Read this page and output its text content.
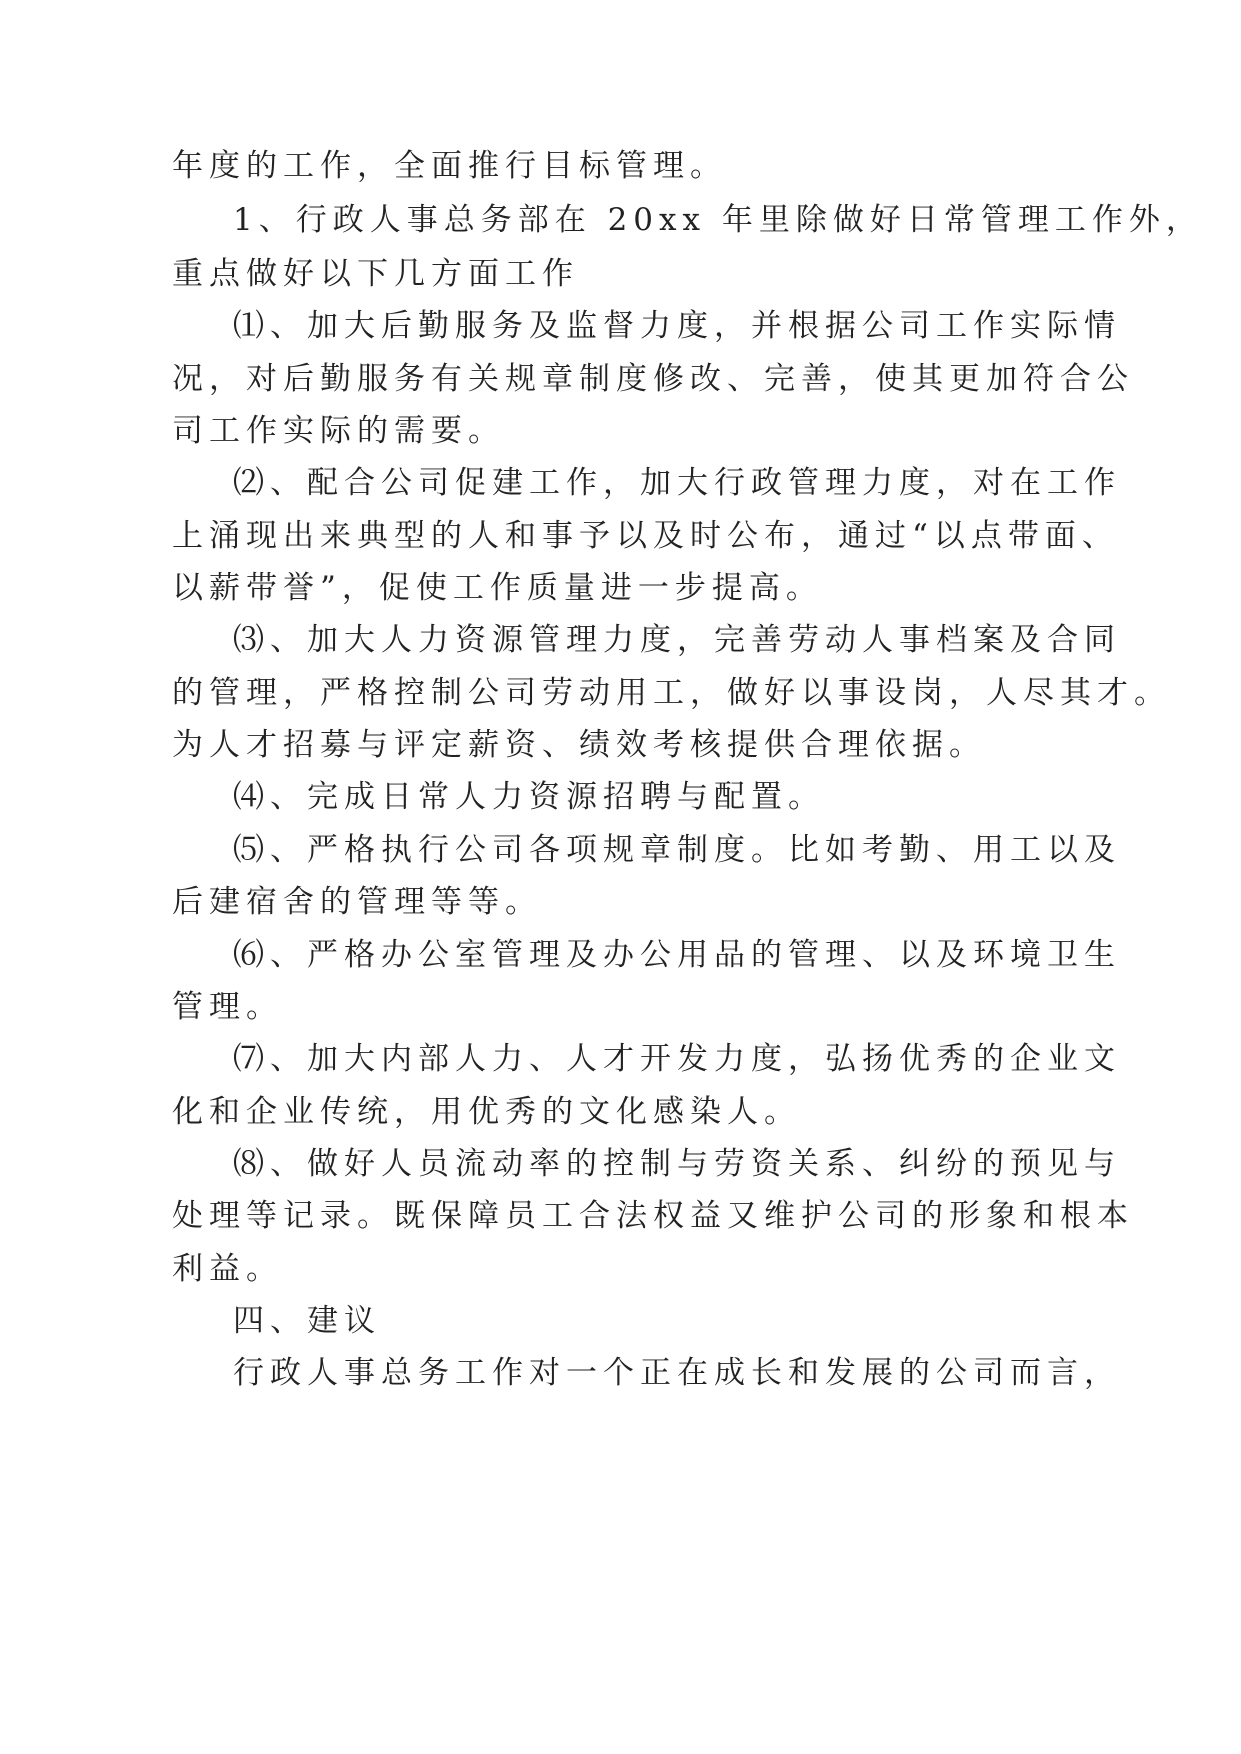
年度的工作，全面推行目标管理。
1、行政人事总务部在 20xx 年里除做好日常管理工作外，
重点做好以下几方面工作
⑴、加大后勤服务及监督力度，并根据公司工作实际情
况，对后勤服务有关规章制度修改、完善，使其更加符合公
司工作实际的需要。
⑵、配合公司促建工作，加大行政管理力度，对在工作
上涌现出来典型的人和事予以及时公布，通过“以点带面、
以薪带誉”，促使工作质量进一步提高。
⑶、加大人力资源管理力度，完善劳动人事档案及合同
的管理，严格控制公司劳动用工，做好以事设岗，人尽其才。
为人才招募与评定薪资、绩效考核提供合理依据。
⑷、完成日常人力资源招聘与配置。
⑸、严格执行公司各项规章制度。比如考勤、用工以及
后建宿舍的管理等等。
⑹、严格办公室管理及办公用品的管理、以及环境卫生
管理。
⑺、加大内部人力、人才开发力度，弘扬优秀的企业文
化和企业传统，用优秀的文化感染人。
⑻、做好人员流动率的控制与劳资关系、纠纷的预见与
处理等记录。既保障员工合法权益又维护公司的形象和根本
利益。
四、建议
行政人事总务工作对一个正在成长和发展的公司而言，
